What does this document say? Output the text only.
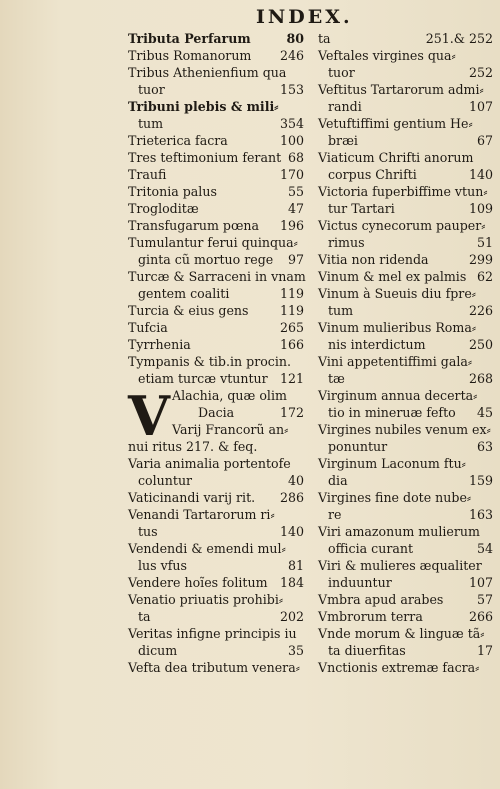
INDEX.
Tributa Perfarum	80
Tribus Romanorum 246
Tribus Athenienfium qua
tuor	153
Tribuni plebis & mili⸗
tum	354
Trieterica facra	100
Tres teftimonium ferant 68
Traufi	170
Tritonia palus	55
Trogloditæ	47
Transfugarum pœna 196
Tumulantur ferui quinqua⸗
ginta cũ mortuo rege 97
Turcæ & Sarraceni in vnam
gentem coaliti	119
Turcia & eius gens 119
Tufcia	265
Tyrrhenia	166
Tympanis & tib.in procin.
etiam turcæ vtuntur 121
V Alachia, quæ olim
Dacia	172
Varij Francorũ an⸗
nui ritus 217. & feq.
Varia animalia portentofe
coluntur	40
Vaticinandi varij rit. 286
Venandi Tartarorum ri⸗
tus	140
Vendendi & emendi mul⸗
lus vfus	81
Vendere hoĩes folitum 184
Venatio priuatis prohibi⸗
ta	202
Veritas infigne principis iu
dicum	35
Vefta dea tributum venera⸗
ta	251.& 252
Veftales virgines qua⸗
tuor	252
Veftitus Tartarorum admi⸗
randi	107
Vetuftiffimi gentium He⸗
bræi	67
Viaticum Chrifti anorum
corpus Chrifti	140
Victoria fuperbiffime vtun⸗
tur Tartari	109
Victus cynecorum pauper⸗
rimus	51
Vitia non ridenda	299
Vinum & mel ex palmis 62
Vinum à Sueuis diu fpre⸗
tum	226
Vinum mulieribus Roma⸗
nis interdictum	250
Vini appetentiffimi gala⸗
tæ	268
Virginum annua decerta⸗
tio in mineruæ fefto 45
Virgines nubiles venum ex⸗
ponuntur	63
Virginum Laconum ftu⸗
dia	159
Virgines fine dote nube⸗
re	163
Viri amazonum mulierum
officia curant	54
Viri & mulieres æqualiter
induuntur	107
Vmbra apud arabes	57
Vmbrorum terra	266
Vnde morum & linguæ tã⸗
ta diuerfitas	17
Vnctionis extremæ facra⸗
